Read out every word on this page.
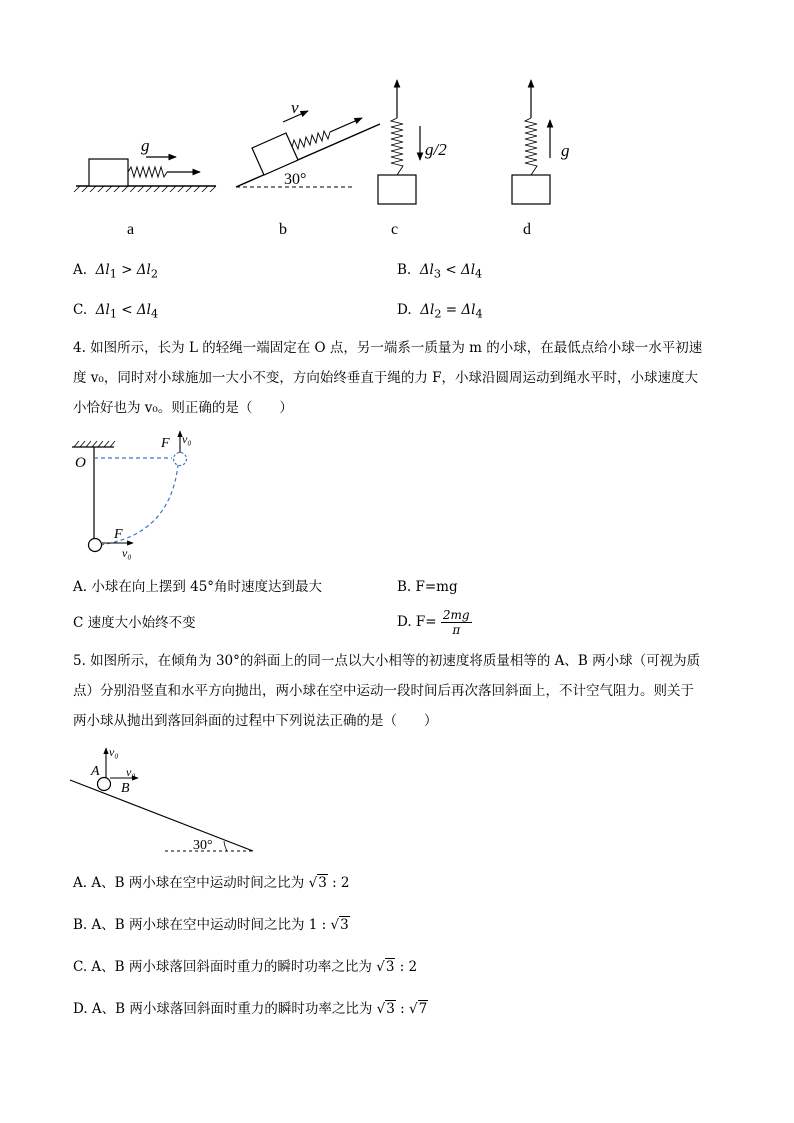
g
v
30°
g/2	g
a	b	c	d
A. $\Delta l_1 > \Delta l_2$	B. $\Delta l_3 < \Delta l_4$
C. $\Delta l_1 < \Delta l_4$	D. $\Delta l_2 = \Delta l_4$
4. 如图所示，长为 L 的轻绳一端固定在 O 点，另一端系一质量为 m 的小球，在最低点给小球一水平初速
度 v₀，同时对小球施加一大小不变，方向始终垂直于绳的力 F，小球沿圆周运动到绳水平时，小球速度大
小恰好也为 v₀。则正确的是（　　）
O
F v₀
F
v₀
A. 小球在向上摆到 45°角时速度达到最大	B. F=mg
C 速度大小始终不变	D. $F= \frac{2mg}{\pi}$
5. 如图所示，在倾角为 30°的斜面上的同一点以大小相等的初速度将质量相等的 A、B 两小球（可视为质
点）分别沿竖直和水平方向抛出，两小球在空中运动一段时间后再次落回斜面上，不计空气阻力。则关于
两小球从抛出到落回斜面的过程中下列说法正确的是（　　）
A
B
v₀
v₀
30°
A. A、B 两小球在空中运动时间之比为 √3 : 2
B. A、B 两小球在空中运动时间之比为 1 : √3
C. A、B 两小球落回斜面时重力的瞬时功率之比为 √3 : 2
D. A、B 两小球落回斜面时重力的瞬时功率之比为 √3 : √7
